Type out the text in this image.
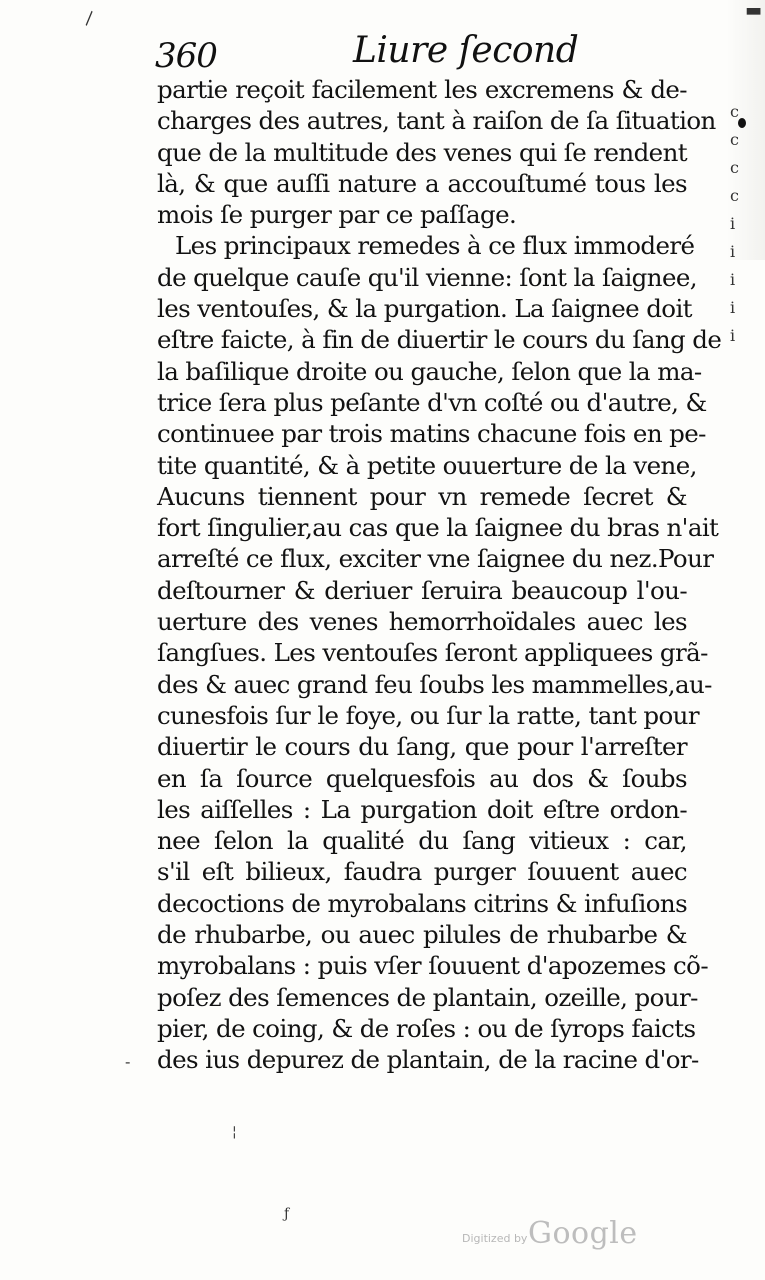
\	▬
-
¦
ƒ
360	Liure ſecond
partie reçoit facilement les excremens & de-
charges des autres, tant à raiſon de ſa ſituation
que de la multitude des venes qui ſe rendent
là, & que auſſi nature a accouſtumé tous les
mois ſe purger par ce paſſage.
Les principaux remedes à ce flux immoderé
de quelque cauſe qu'il vienne: ſont la ſaignee,
les ventouſes, & la purgation. La ſaignee doit
eſtre faicte, à fin de diuertir le cours du ſang de
la baſilique droite ou gauche, ſelon que la ma-
trice ſera plus peſante d'vn coſté ou d'autre, &
continuee par trois matins chacune fois en pe-
tite quantité, & à petite ouuerture de la vene,
Aucuns tiennent pour vn remede ſecret &
fort ſingulier,au cas que la ſaignee du bras n'ait
arreſté ce flux, exciter vne ſaignee du nez.Pour
deſtourner & deriuer ſeruira beaucoup l'ou-
uerture des venes hemorrhoïdales auec les
ſangſues. Les ventouſes ſeront appliquees grã-
des & auec grand feu ſoubs les mammelles,au-
cunesfois ſur le foye, ou ſur la ratte, tant pour
diuertir le cours du ſang, que pour l'arreſter
en ſa ſource quelquesfois au dos & ſoubs
les aiſſelles : La purgation doit eſtre ordon-
nee ſelon la qualité du ſang vitieux : car,
s'il eſt bilieux, faudra purger ſouuent auec
decoctions de myrobalans citrins & infuſions
de rhubarbe, ou auec pilules de rhubarbe &
myrobalans : puis vſer ſouuent d'apozemes cõ-
poſez des ſemences de plantain, ozeille, pour-
pier, de coing, & de roſes : ou de ſyrops faicts
des ius depurez de plantain, de la racine d'or-
c
c
c
c
i
i
i
i
i
Digitized by Google
